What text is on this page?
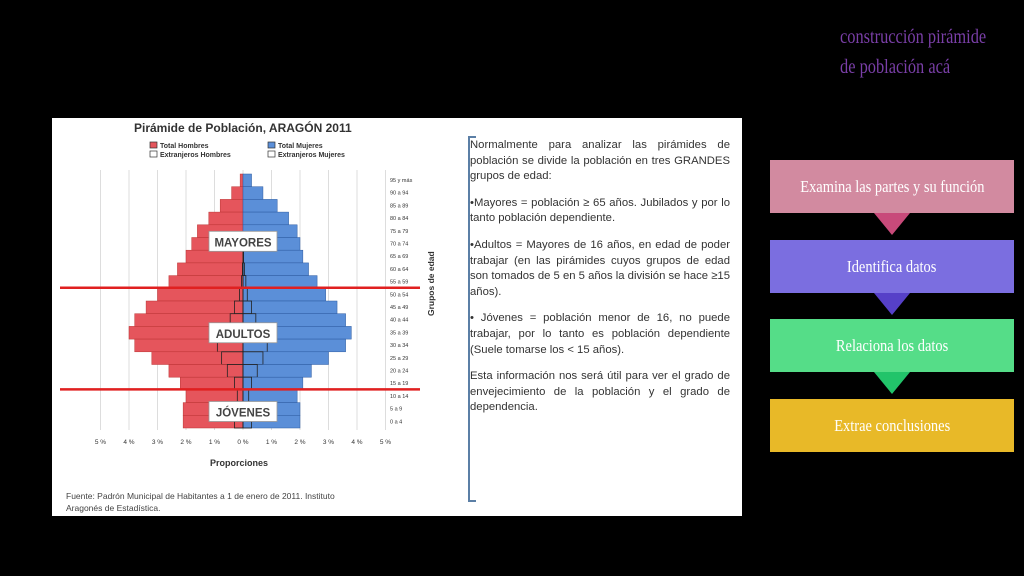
construcción pirámide
de población acá
Pirámide de Población, ARAGÓN 2011
Total Hombres	Total Mujeres
Extranjeros Hombres	Extranjeros Mujeres
95 y más
90 a 94
85 a 89
80 a 84
75 a 79
70 a 74
65 a 69
60 a 64
55 a 59
50 a 54
45 a 49
40 a 44
35 a 39
30 a 34
25 a 29
20 a 24
15 a 19
10 a 14
5 a 9
0 a 4
5 %	4 %	3 %	2 %	1 %	0 %	1 %	2 %	3 %	4 %	5 %
MAYORES
ADULTOS
JÓVENES
Proporciones
Grupos de edad
Fuente: Padrón Municipal de Habitantes a 1 de enero de 2011. Instituto Aragonés de Estadística.

Normalmente para analizar las pirámides de población se divide la población en tres GRANDES grupos de edad:

•Mayores = población ≥ 65 años. Jubilados y por lo tanto población dependiente.

•Adultos = Mayores de 16 años, en edad de poder trabajar (en las pirámides cuyos grupos de edad son tomados de 5 en 5 años la división se hace ≥15 años).

• Jóvenes = población menor de 16, no puede trabajar, por lo tanto es población dependiente (Suele tomarse los < 15 años).

Esta información nos será útil para ver el grado de envejecimiento de la población y el grado de dependencia.

Examina las partes y su función
Identifica datos
Relaciona los datos
Extrae conclusiones
